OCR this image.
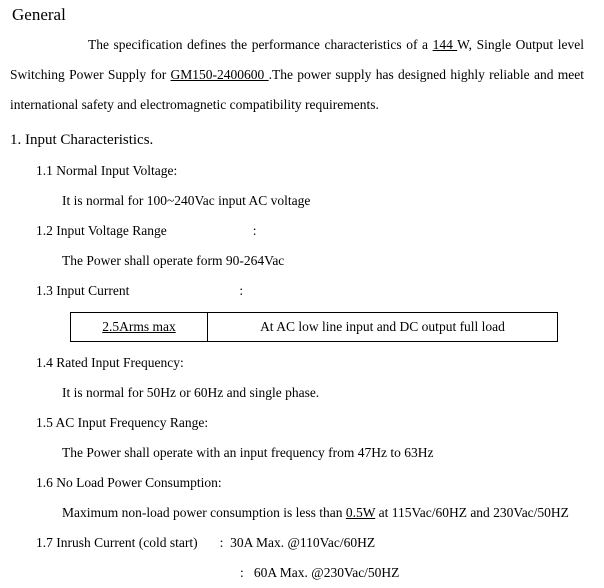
General

The specification defines the performance characteristics of a 144 W, Single Output level Switching Power Supply for GM150-2400600 .The power supply has designed highly reliable and meet international safety and electromagnetic compatibility requirements.

1. Input Characteristics.
1.1 Normal Input Voltage:
It is normal for 100~240Vac input AC voltage
1.2 Input Voltage Range	:
The Power shall operate form 90-264Vac
1.3 Input Current	:
2.5Arms max	At AC low line input and DC output full load
1.4 Rated Input Frequency:
It is normal for 50Hz or 60Hz and single phase.
1.5 AC Input Frequency Range:
The Power shall operate with an input frequency from 47Hz to 63Hz
1.6 No Load Power Consumption:
Maximum non-load power consumption is less than 0.5W at 115Vac/60HZ and 230Vac/50HZ
1.7 Inrush Current (cold start) : 30A Max. @110Vac/60HZ
: 60A Max. @230Vac/50HZ
